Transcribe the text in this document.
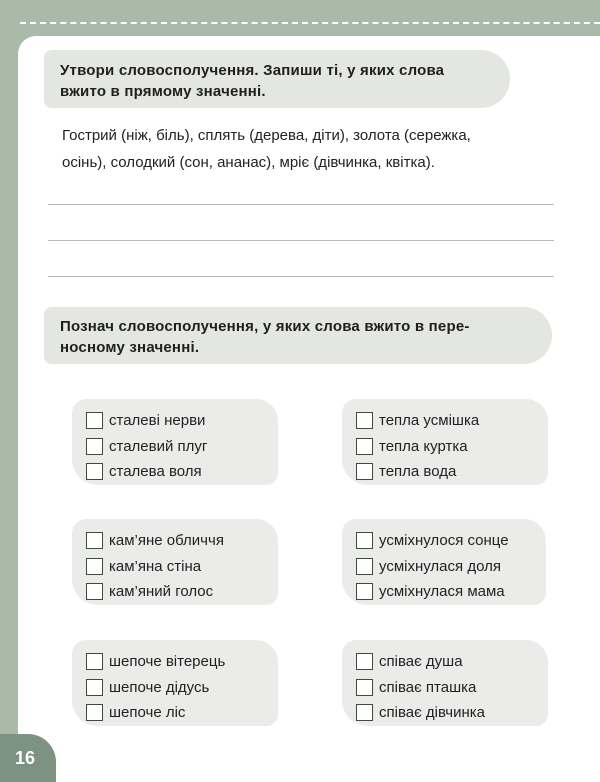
Утвори словосполучення. Запиши ті, у яких слова
вжито в прямому значенні.
Гострий (ніж, біль), сплять (дерева, діти), золота (сережка,
осінь), солодкий (сон, ананас), мріє (дівчинка, квітка).
Познач словосполучення, у яких слова вжито в пере-
носному значенні.
сталеві нерви
сталевий плуг
сталева воля
тепла усмішка
тепла куртка
тепла вода
кам’яне обличчя
кам’яна стіна
кам’яний голос
усміхнулося сонце
усміхнулася доля
усміхнулася мама
шепоче вітерець
шепоче дідусь
шепоче ліс
співає душа
співає пташка
співає дівчинка
16
